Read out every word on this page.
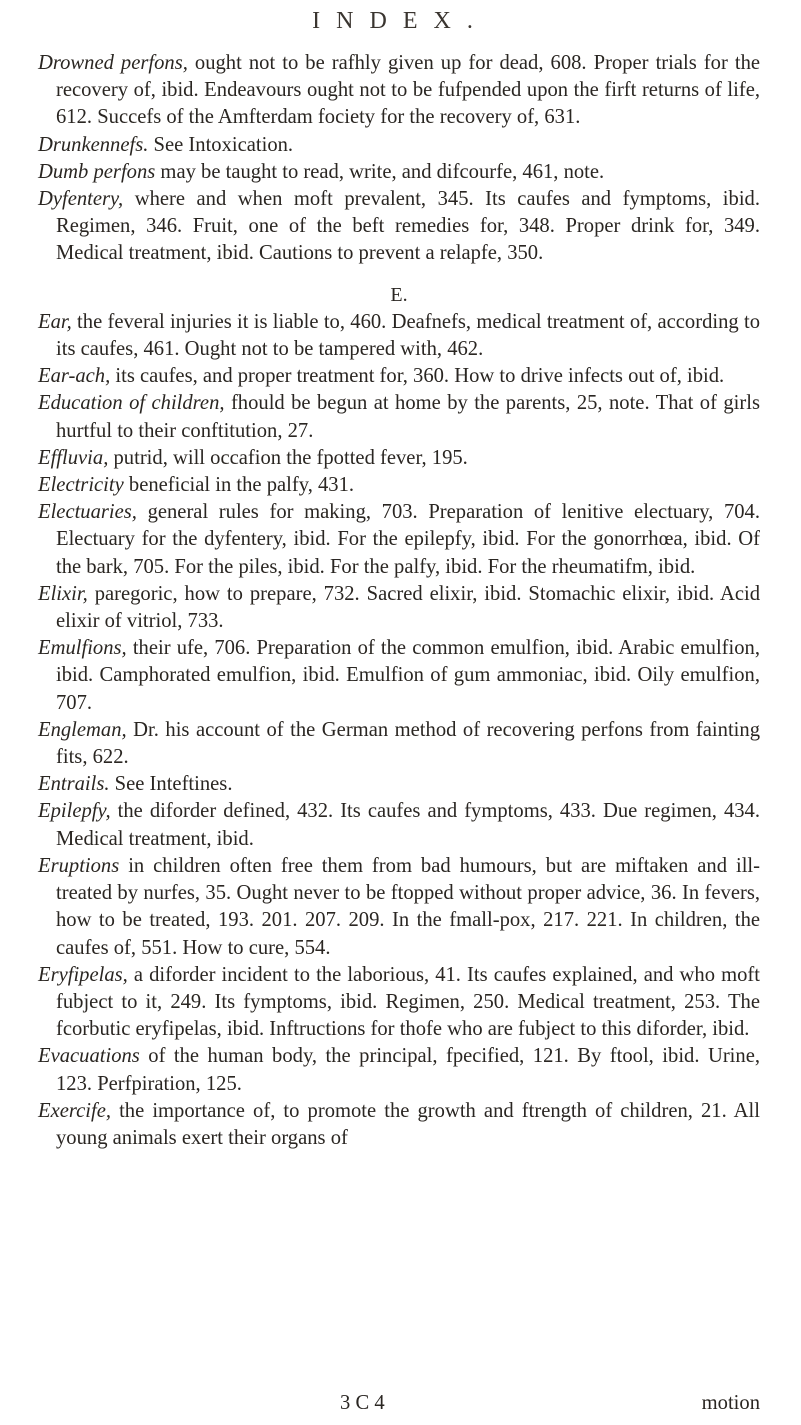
INDEX.

Drowned perfons, ought not to be rafhly given up for dead, 608. Proper trials for the recovery of, ibid. Endeavours ought not to be fufpended upon the firft returns of life, 612. Succefs of the Amfterdam fociety for the recovery of, 631.

Drunkennefs. See Intoxication.

Dumb perfons may be taught to read, write, and difcourfe, 461, note.

Dyfentery, where and when moft prevalent, 345. Its caufes and fymptoms, ibid. Regimen, 346. Fruit, one of the beft remedies for, 348. Proper drink for, 349. Medical treatment, ibid. Cautions to prevent a relapfe, 350.

E.

Ear, the feveral injuries it is liable to, 460. Deafnefs, medical treatment of, according to its caufes, 461. Ought not to be tampered with, 462.

Ear-ach, its caufes, and proper treatment for, 360. How to drive infects out of, ibid.

Education of children, fhould be begun at home by the parents, 25, note. That of girls hurtful to their conftitution, 27.

Effluvia, putrid, will occafion the fpotted fever, 195.

Electricity beneficial in the palfy, 431.

Electuaries, general rules for making, 703. Preparation of lenitive electuary, 704. Electuary for the dyfentery, ibid. For the epilepfy, ibid. For the gonorrhœa, ibid. Of the bark, 705. For the piles, ibid. For the palfy, ibid. For the rheumatifm, ibid.

Elixir, paregoric, how to prepare, 732. Sacred elixir, ibid. Stomachic elixir, ibid. Acid elixir of vitriol, 733.

Emulfions, their ufe, 706. Preparation of the common emulfion, ibid. Arabic emulfion, ibid. Camphorated emulfion, ibid. Emulfion of gum ammoniac, ibid. Oily emulfion, 707.

Engleman, Dr. his account of the German method of recovering perfons from fainting fits, 622.

Entrails. See Inteftines.

Epilepfy, the diforder defined, 432. Its caufes and fymptoms, 433. Due regimen, 434. Medical treatment, ibid.

Eruptions in children often free them from bad humours, but are miftaken and ill-treated by nurfes, 35. Ought never to be ftopped without proper advice, 36. In fevers, how to be treated, 193. 201. 207. 209. In the fmall-pox, 217. 221. In children, the caufes of, 551. How to cure, 554.

Eryfipelas, a diforder incident to the laborious, 41. Its caufes explained, and who moft fubject to it, 249. Its fymptoms, ibid. Regimen, 250. Medical treatment, 253. The fcorbutic eryfipelas, ibid. Inftructions for thofe who are fubject to this diforder, ibid.

Evacuations of the human body, the principal, fpecified, 121. By ftool, ibid. Urine, 123. Perfpiration, 125.

Exercife, the importance of, to promote the growth and ftrength of children, 21. All young animals exert their organs of

3 C 4	motion
